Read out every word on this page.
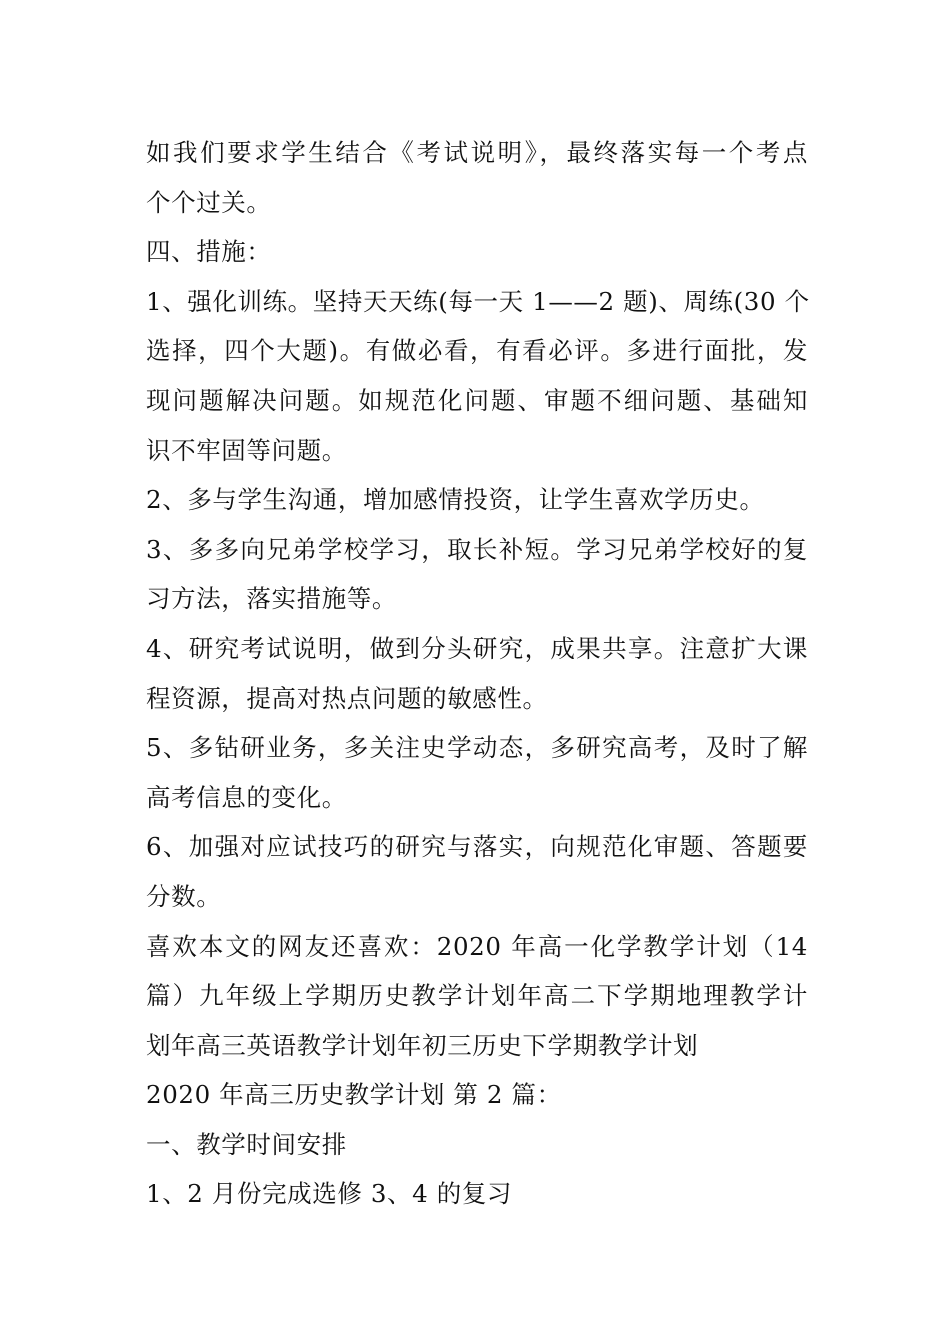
如我们要求学生结合《考试说明》，最终落实每一个考点
个个过关。
四、措施：
1、强化训练。坚持天天练(每一天 1——2 题)、周练(30 个
选择，四个大题)。有做必看，有看必评。多进行面批，发
现问题解决问题。如规范化问题、审题不细问题、基础知
识不牢固等问题。
2、多与学生沟通，增加感情投资，让学生喜欢学历史。
3、多多向兄弟学校学习，取长补短。学习兄弟学校好的复
习方法，落实措施等。
4、研究考试说明，做到分头研究，成果共享。注意扩大课
程资源，提高对热点问题的敏感性。
5、多钻研业务，多关注史学动态，多研究高考，及时了解
高考信息的变化。
6、加强对应试技巧的研究与落实，向规范化审题、答题要
分数。
喜欢本文的网友还喜欢：2020 年高一化学教学计划（14
篇）九年级上学期历史教学计划年高二下学期地理教学计
划年高三英语教学计划年初三历史下学期教学计划
2020 年高三历史教学计划 第 2 篇：
一、教学时间安排
1、2 月份完成选修 3、4 的复习
